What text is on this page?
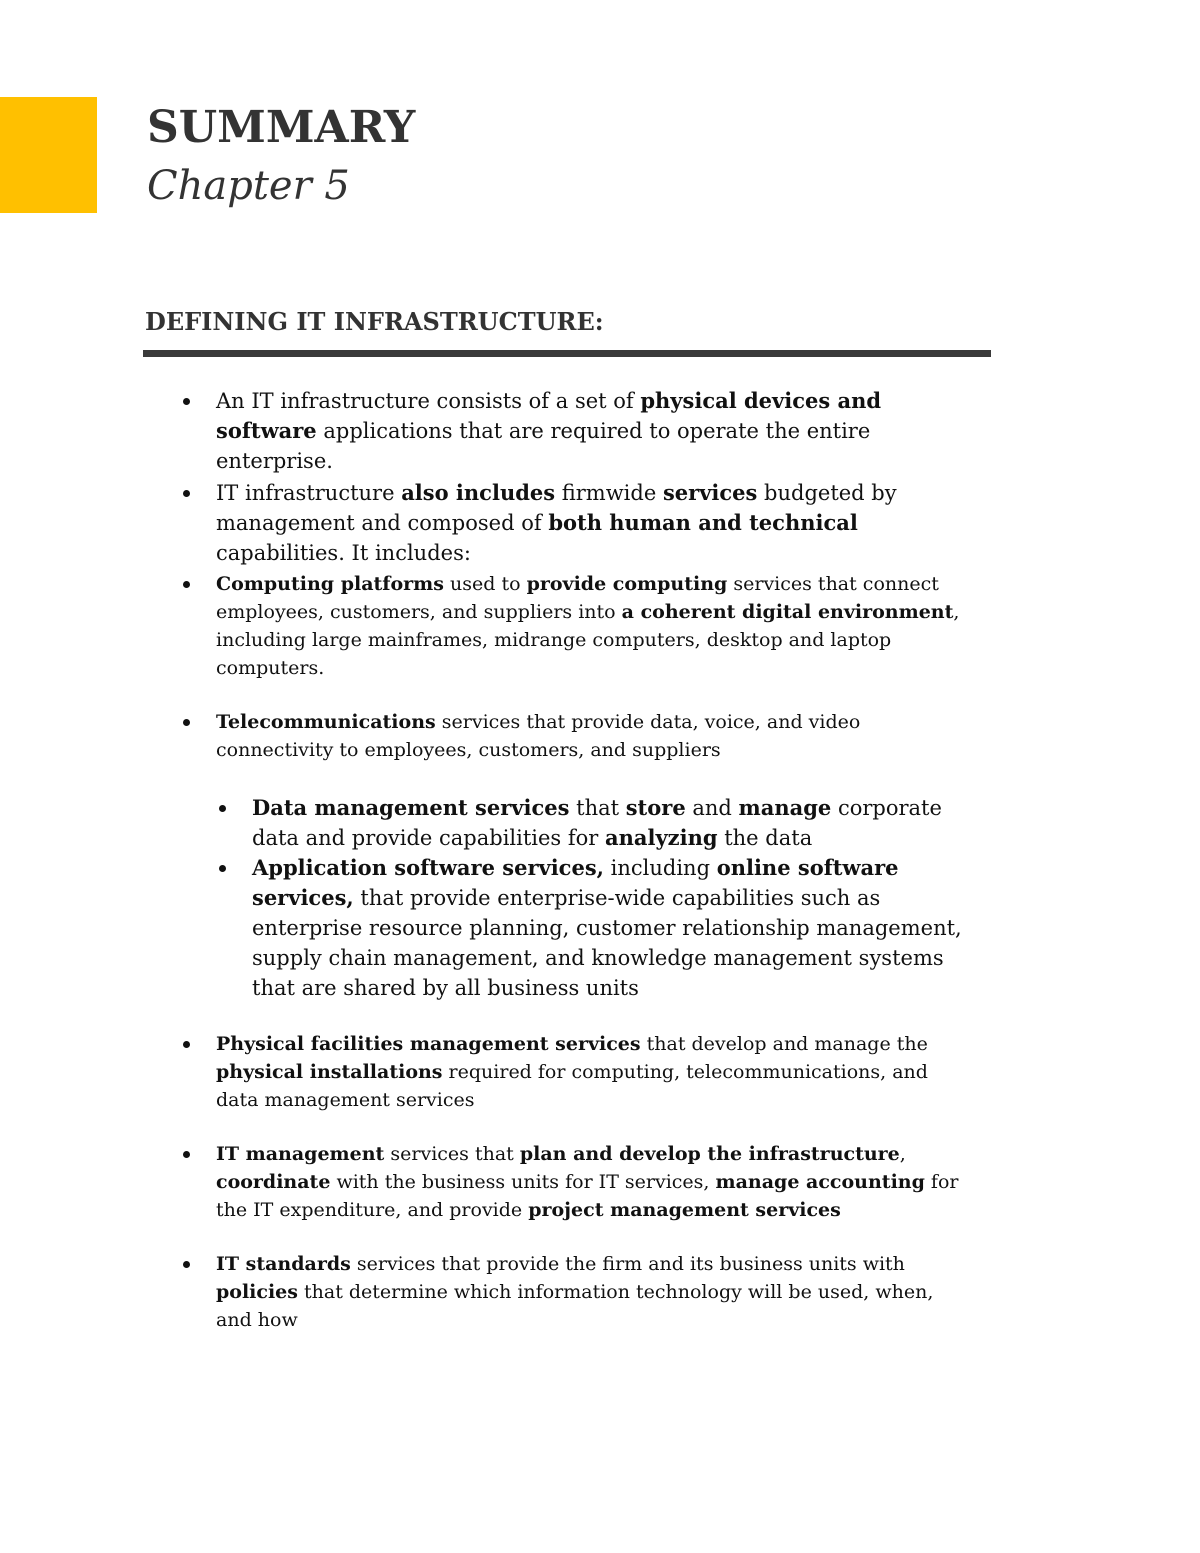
SUMMARY
Chapter 5
DEFINING IT INFRASTRUCTURE:
An IT infrastructure consists of a set of physical devices and
software applications that are required to operate the entire
enterprise.
IT infrastructure also includes firmwide services budgeted by
management and composed of both human and technical
capabilities. It includes:
Computing platforms used to provide computing services that connect
employees, customers, and suppliers into a coherent digital environment,
including large mainframes, midrange computers, desktop and laptop
computers.
Telecommunications services that provide data, voice, and video
connectivity to employees, customers, and suppliers
Data management services that store and manage corporate
data and provide capabilities for analyzing the data
Application software services, including online software
services, that provide enterprise-wide capabilities such as
enterprise resource planning, customer relationship management,
supply chain management, and knowledge management systems
that are shared by all business units
Physical facilities management services that develop and manage the
physical installations required for computing, telecommunications, and
data management services
IT management services that plan and develop the infrastructure,
coordinate with the business units for IT services, manage accounting for
the IT expenditure, and provide project management services
IT standards services that provide the firm and its business units with
policies that determine which information technology will be used, when,
and how
